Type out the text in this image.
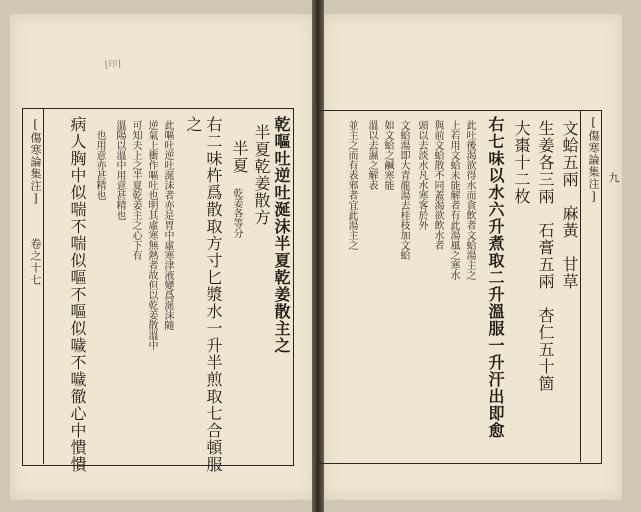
[傷寒論集注]
卷之十七
[印]
乾嘔吐逆吐涎沫半夏乾姜散主之
半夏乾姜散方
半夏
乾姜各等分
右二味杵爲散取方寸匕漿水一升半煎取七合頓服
之
此嘔吐逆吐涎沫者亦是胃中虛寒津液變爲涎沫隨
逆氣上衝作嘔吐也明其虛寒無熱者故但以乾姜散溫中
可知夫上之半夏乾姜主之心下有
溫陽以溫中用意甚精也
也用意亦甚精也
病人胸中似喘不喘似嘔不嘔似噦不噦徹心中憒憒	[傷寒論集注] 九
文蛤五兩　麻黃　甘草
生姜各三兩　石膏五兩　杏仁五十箇
大棗十二枚
右七味以水六升煮取二升溫服一升汗出即愈
此吐後渴欲得水而貪飲者文蛤湯主之
上若用文蛤未能解者有此湯風之寒水
與前文蛤散不同蓋渴欲飲水者
頭以去淡水凡水寒客於外
文蛤湯即大青龍湯去桂枝加文蛤
如文蛤之鹹寒能
溫以去濕之解表
並主之而有表邪者宜此湯主之
